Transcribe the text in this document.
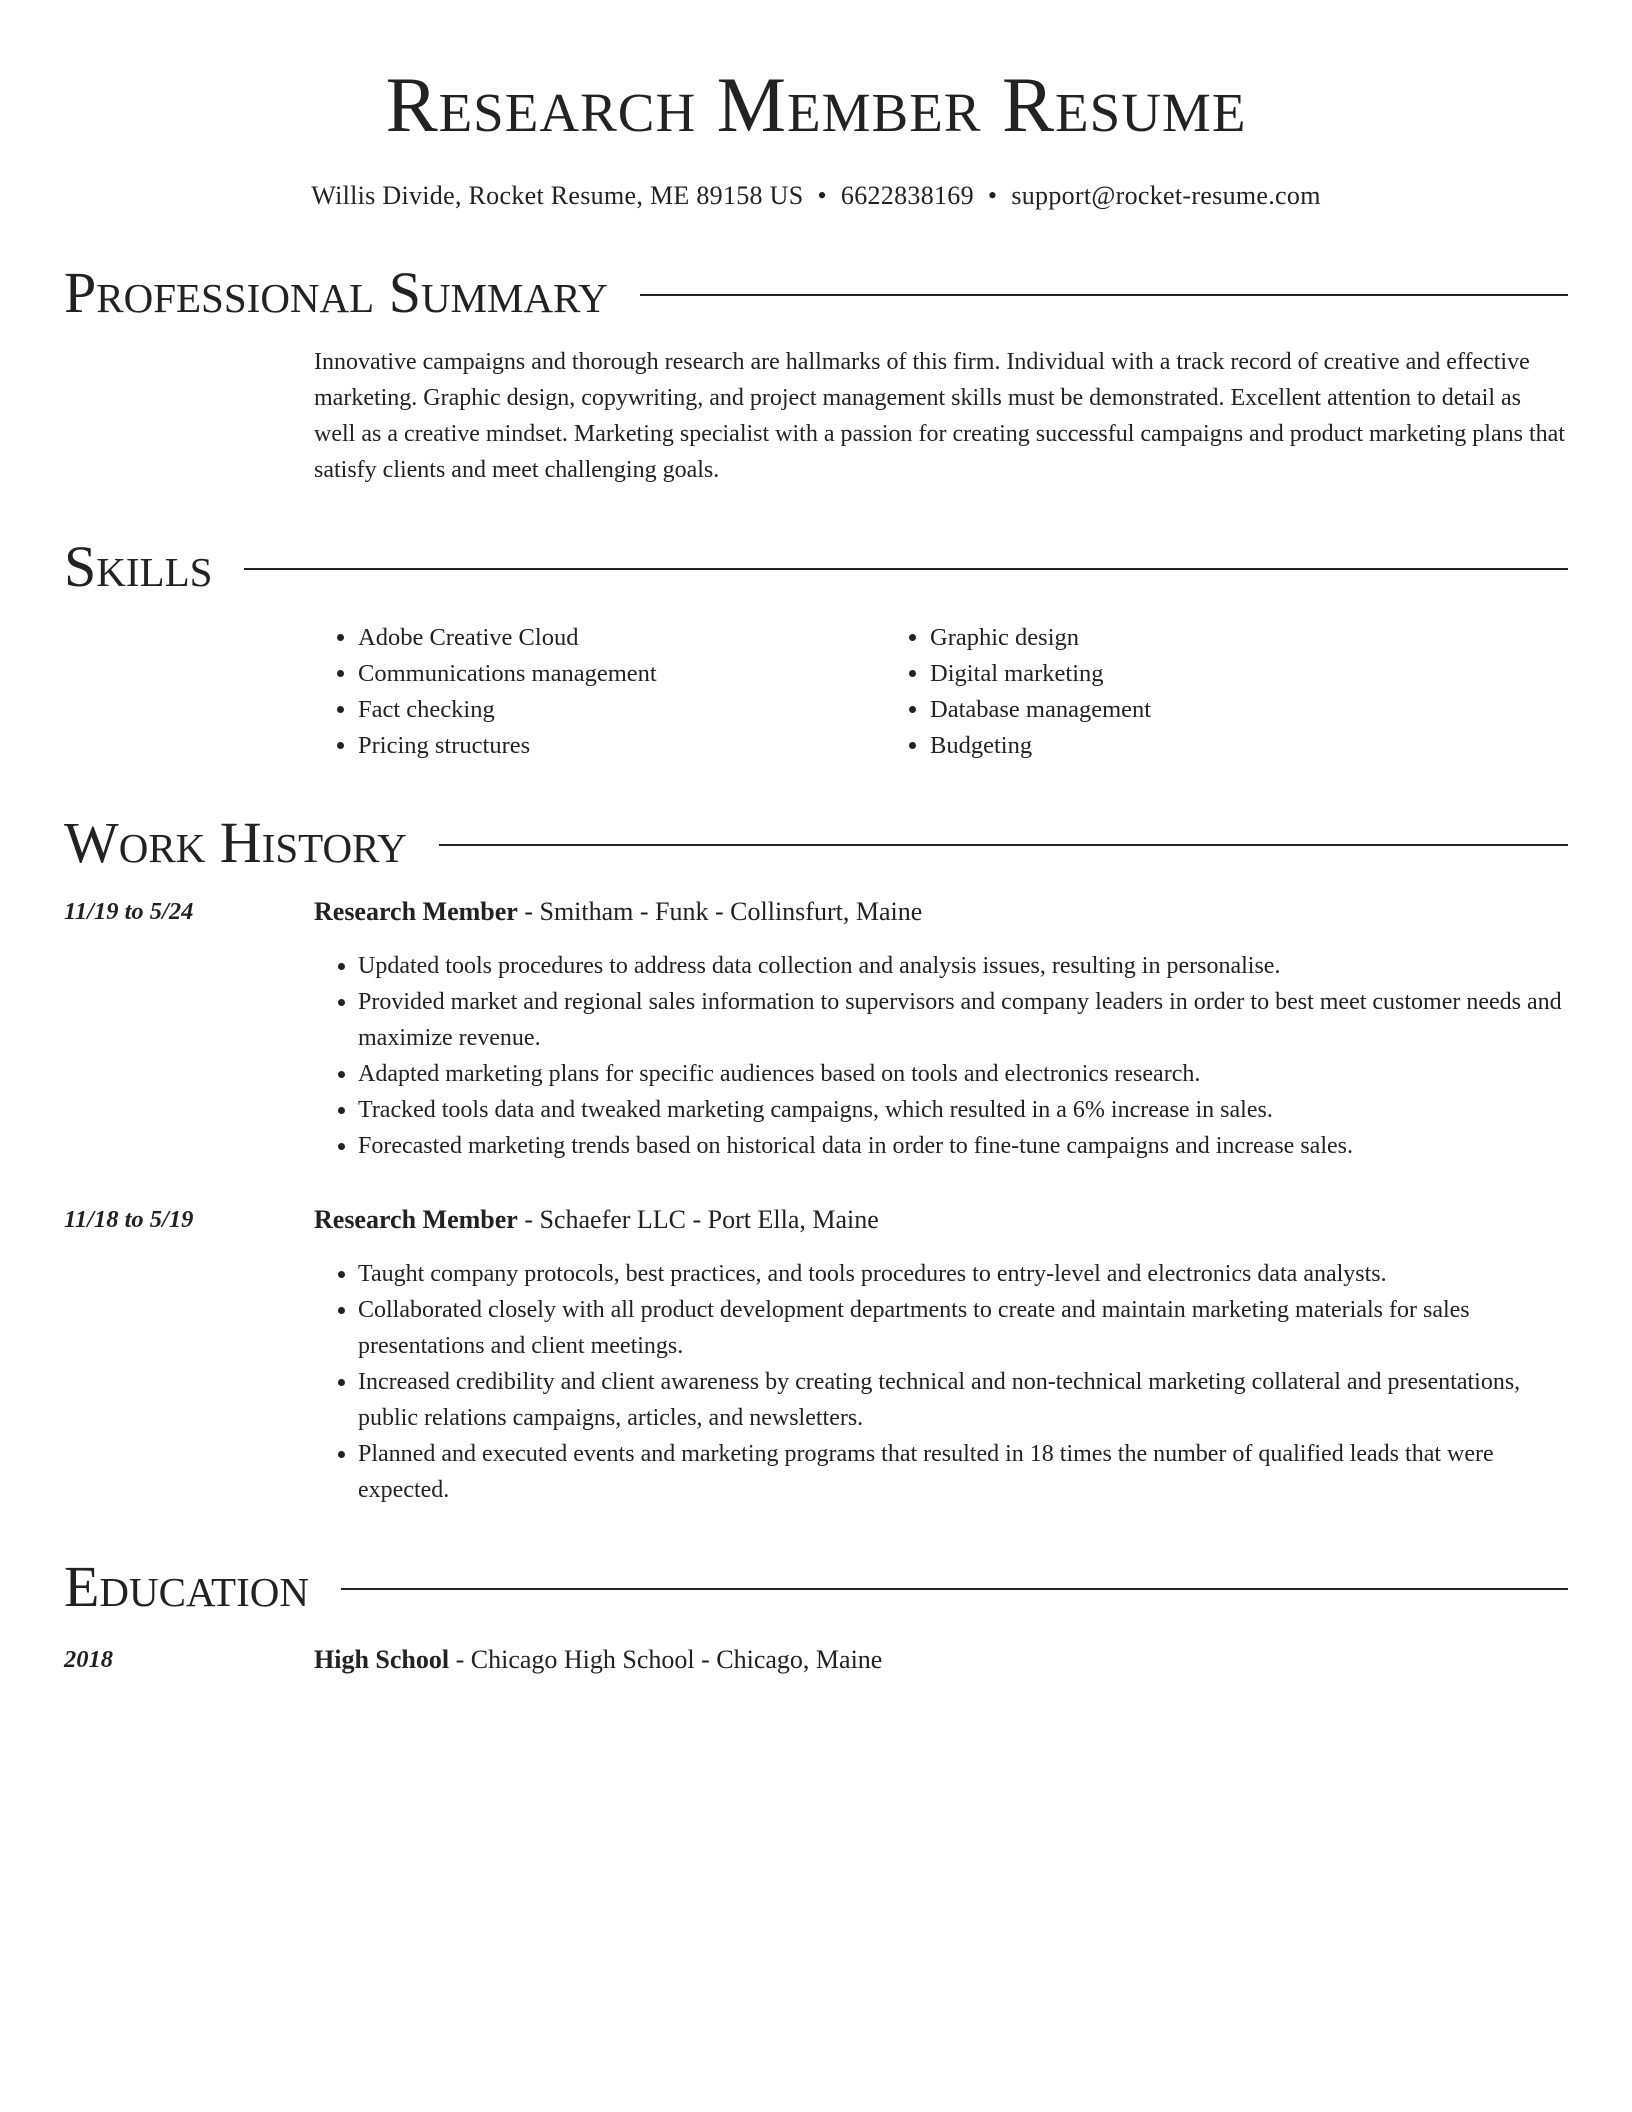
Research Member Resume
Willis Divide, Rocket Resume, ME 89158 US • 6622838169 • support@rocket-resume.com
Professional Summary
Innovative campaigns and thorough research are hallmarks of this firm. Individual with a track record of creative and effective marketing. Graphic design, copywriting, and project management skills must be demonstrated. Excellent attention to detail as well as a creative mindset. Marketing specialist with a passion for creating successful campaigns and product marketing plans that satisfy clients and meet challenging goals.
Skills
• Adobe Creative Cloud
• Communications management
• Fact checking
• Pricing structures
• Graphic design
• Digital marketing
• Database management
• Budgeting
Work History
11/19 to 5/24	Research Member - Smitham - Funk - Collinsfurt, Maine
• Updated tools procedures to address data collection and analysis issues, resulting in personalise.
• Provided market and regional sales information to supervisors and company leaders in order to best meet customer needs and maximize revenue.
• Adapted marketing plans for specific audiences based on tools and electronics research.
• Tracked tools data and tweaked marketing campaigns, which resulted in a 6% increase in sales.
• Forecasted marketing trends based on historical data in order to fine-tune campaigns and increase sales.
11/18 to 5/19	Research Member - Schaefer LLC - Port Ella, Maine
• Taught company protocols, best practices, and tools procedures to entry-level and electronics data analysts.
• Collaborated closely with all product development departments to create and maintain marketing materials for sales presentations and client meetings.
• Increased credibility and client awareness by creating technical and non-technical marketing collateral and presentations, public relations campaigns, articles, and newsletters.
• Planned and executed events and marketing programs that resulted in 18 times the number of qualified leads that were expected.
Education
2018	High School - Chicago High School - Chicago, Maine
